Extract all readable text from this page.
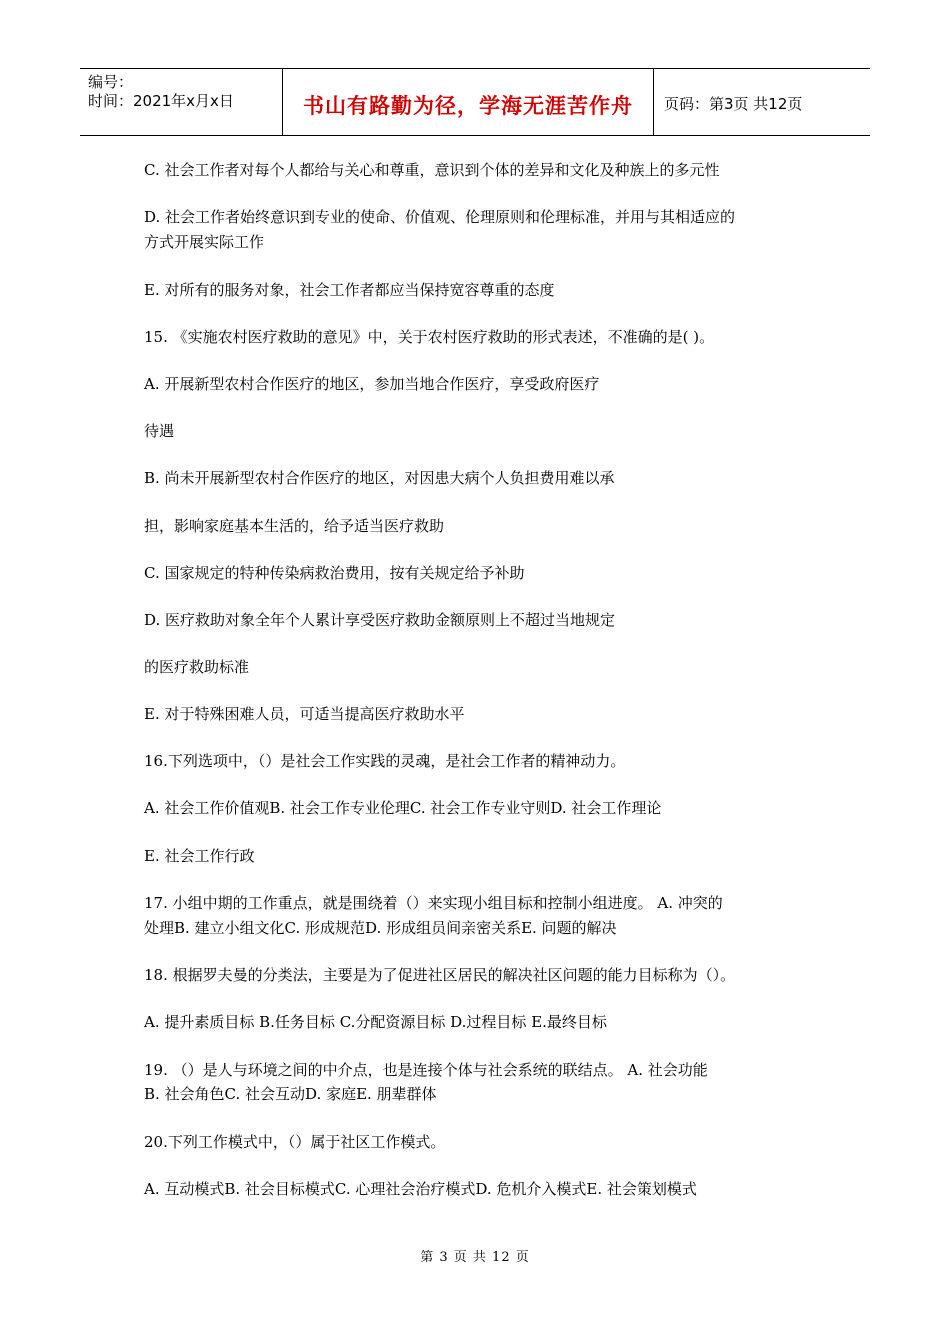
编号：
时间：2021年x月x日	书山有路勤为径，学海无涯苦作舟	页码：第3页 共12页

C. 社会工作者对每个人都给与关心和尊重，意识到个体的差异和文化及种族上的多元性

D. 社会工作者始终意识到专业的使命、价值观、伦理原则和伦理标准，并用与其相适应的

方式开展实际工作

E. 对所有的服务对象，社会工作者都应当保持宽容尊重的态度

15. 《实施农村医疗救助的意见》中，关于农村医疗救助的形式表述，不准确的是( )。

A. 开展新型农村合作医疗的地区，参加当地合作医疗，享受政府医疗

待遇

B. 尚未开展新型农村合作医疗的地区，对因患大病个人负担费用难以承

担，影响家庭基本生活的，给予适当医疗救助

C. 国家规定的特种传染病救治费用，按有关规定给予补助

D. 医疗救助对象全年个人累计享受医疗救助金额原则上不超过当地规定

的医疗救助标准

E. 对于特殊困难人员，可适当提高医疗救助水平

16.下列选项中，（）是社会工作实践的灵魂，是社会工作者的精神动力。

A. 社会工作价值观B. 社会工作专业伦理C. 社会工作专业守则D. 社会工作理论

E. 社会工作行政

17. 小组中期的工作重点，就是围绕着（）来实现小组目标和控制小组进度。 A. 冲突的

处理B. 建立小组文化C. 形成规范D. 形成组员间亲密关系E. 问题的解决

18. 根据罗夫曼的分类法，主要是为了促进社区居民的解决社区问题的能力目标称为（）。

A. 提升素质目标 B.任务目标 C.分配资源目标 D.过程目标 E.最终目标

19. （）是人与环境之间的中介点，也是连接个体与社会系统的联结点。 A. 社会功能

B. 社会角色C. 社会互动D. 家庭E. 朋辈群体

20.下列工作模式中，（）属于社区工作模式。

A. 互动模式B. 社会目标模式C. 心理社会治疗模式D. 危机介入模式E. 社会策划模式

第 3 页 共 12 页
